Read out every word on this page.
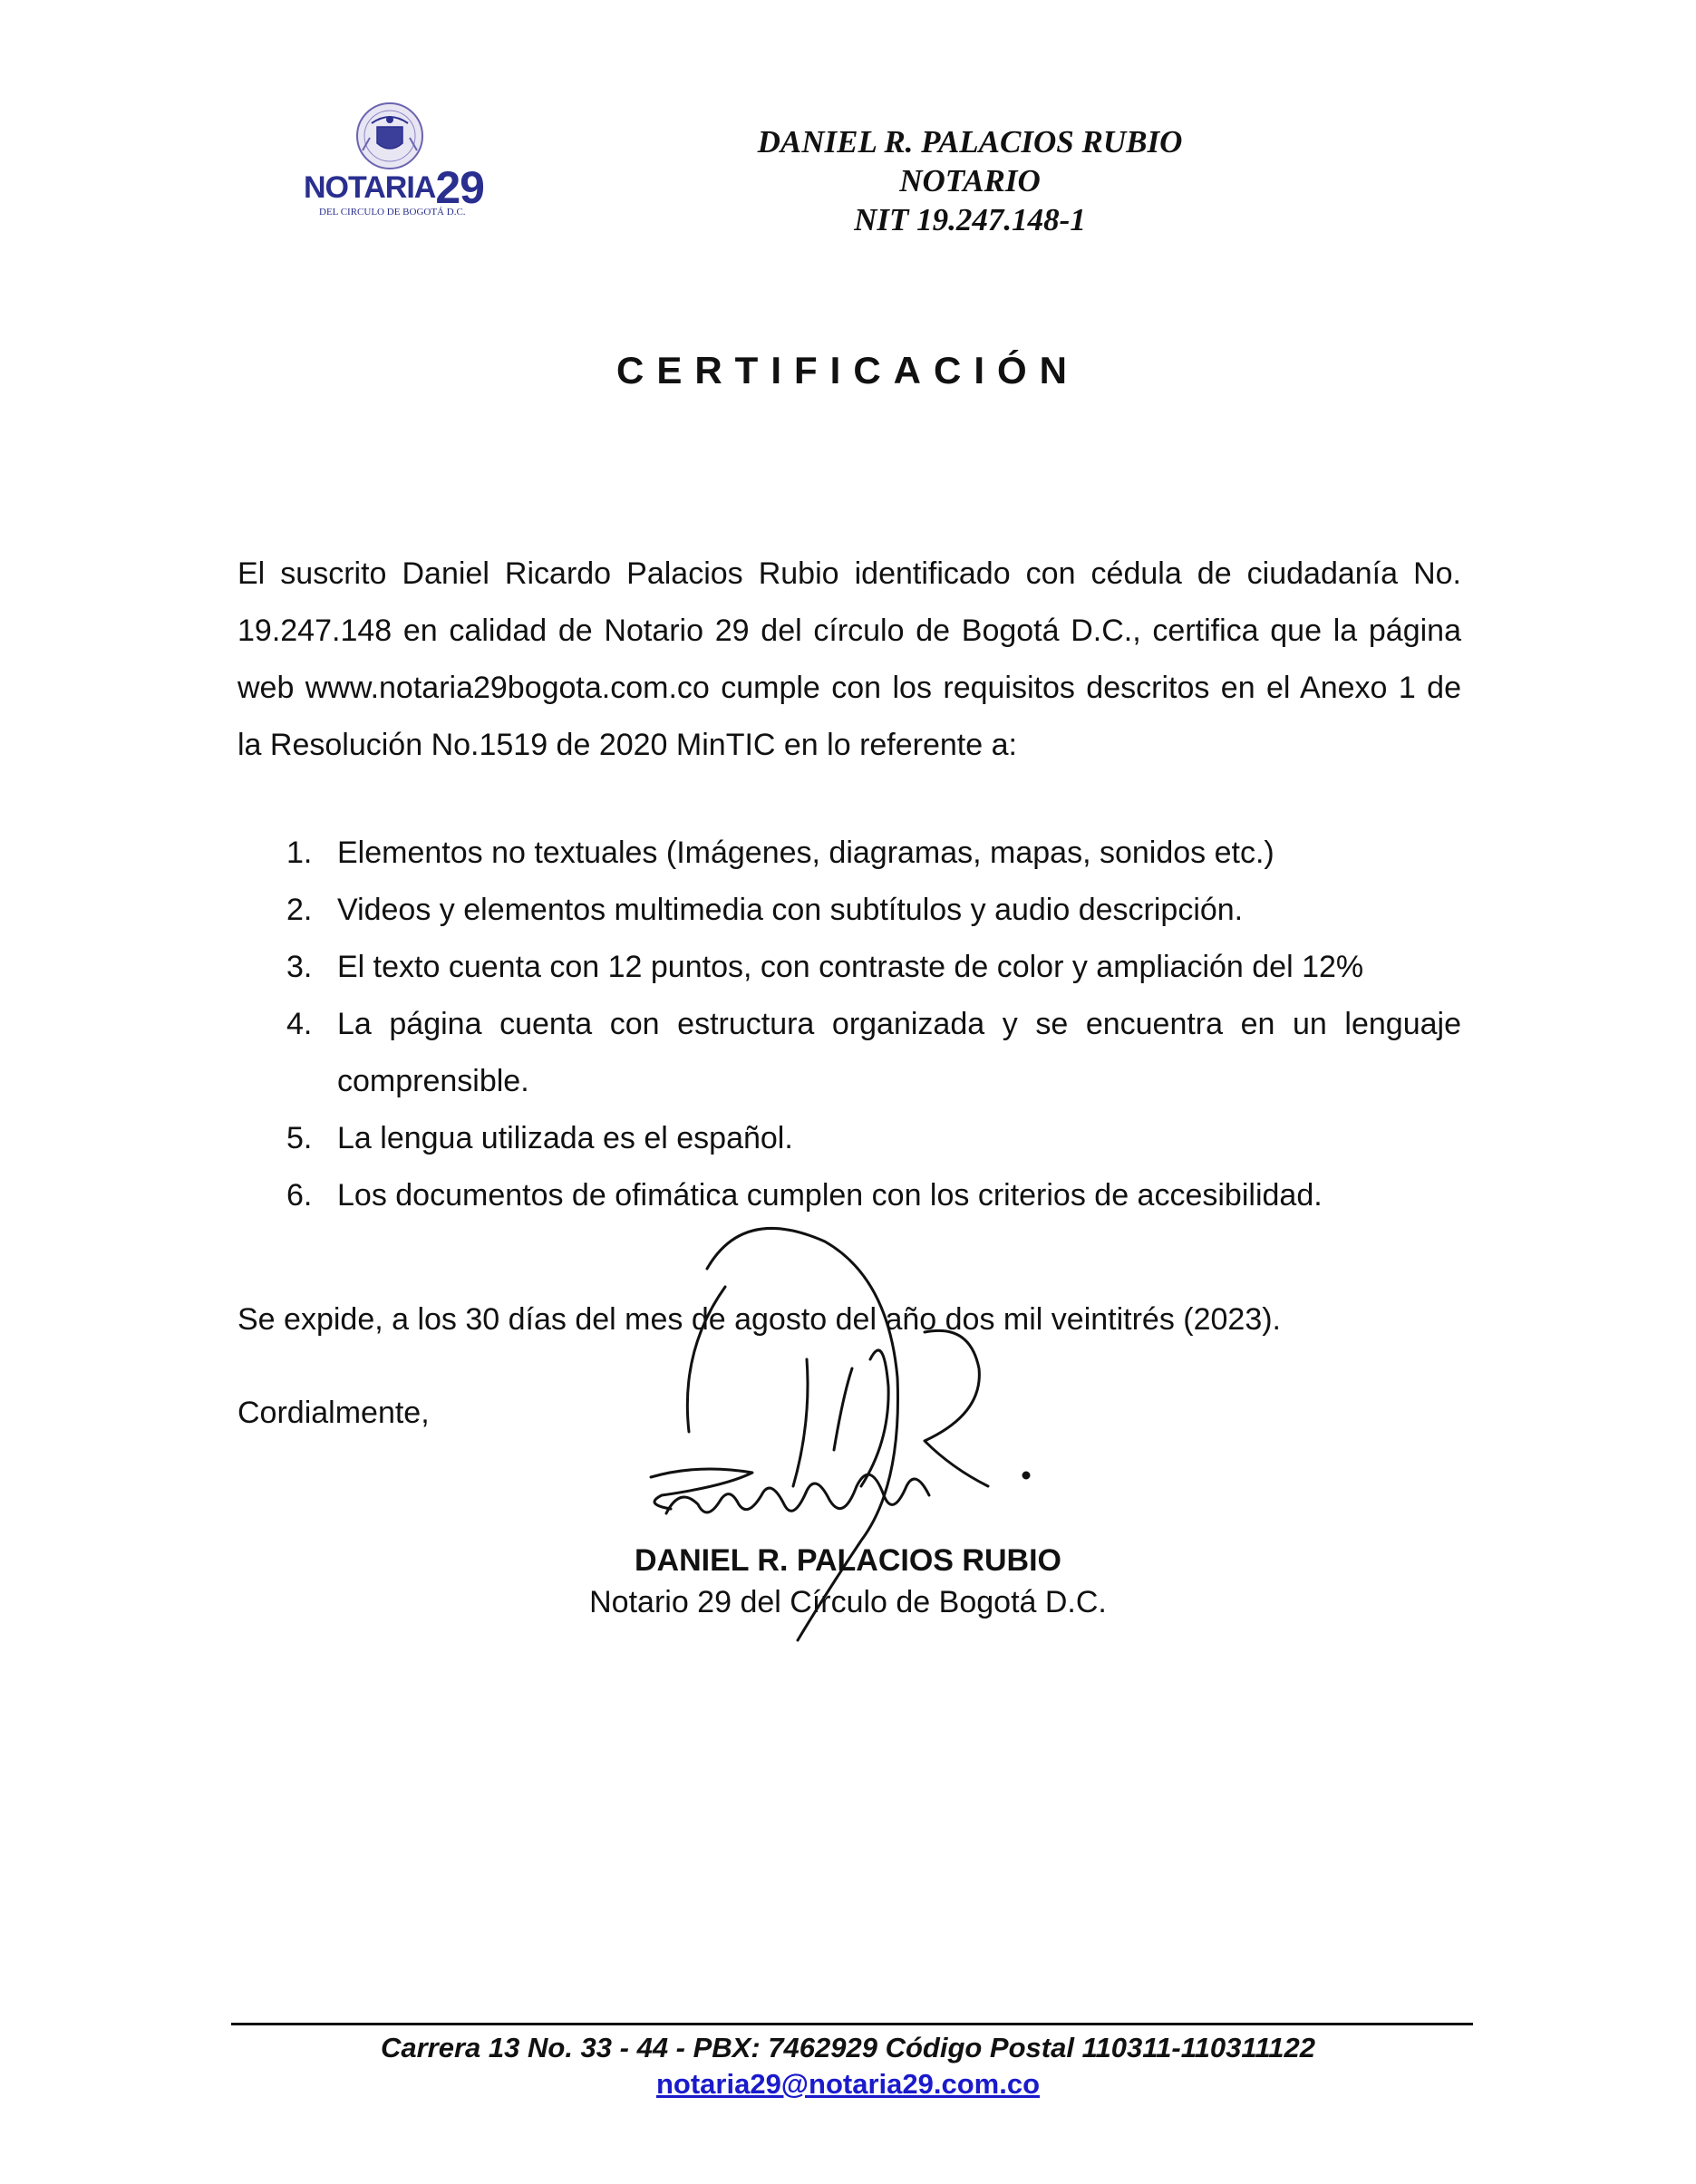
NOTARIA29
DEL CIRCULO DE BOGOTÁ D.C.
DANIEL R. PALACIOS RUBIO
NOTARIO
NIT 19.247.148-1
CERTIFICACIÓN
El suscrito Daniel Ricardo Palacios Rubio identificado con cédula de ciudadanía No. 19.247.148 en calidad de Notario 29 del círculo de Bogotá D.C., certifica que la página web www.notaria29bogota.com.co cumple con los requisitos descritos en el Anexo 1 de la Resolución No.1519 de 2020 MinTIC en lo referente a:
1. Elementos no textuales (Imágenes, diagramas, mapas, sonidos etc.)
2. Videos y elementos multimedia con subtítulos y audio descripción.
3. El texto cuenta con 12 puntos, con contraste de color y ampliación del 12%
4. La página cuenta con estructura organizada y se encuentra en un lenguaje comprensible.
5. La lengua utilizada es el español.
6. Los documentos de ofimática cumplen con los criterios de accesibilidad.
Se expide, a los 30 días del mes de agosto del año dos mil veintitrés (2023).
Cordialmente,
DANIEL R. PALACIOS RUBIO
Notario 29 del Círculo de Bogotá D.C.
Carrera 13 No. 33 - 44 - PBX: 7462929 Código Postal 110311-110311122
notaria29@notaria29.com.co
